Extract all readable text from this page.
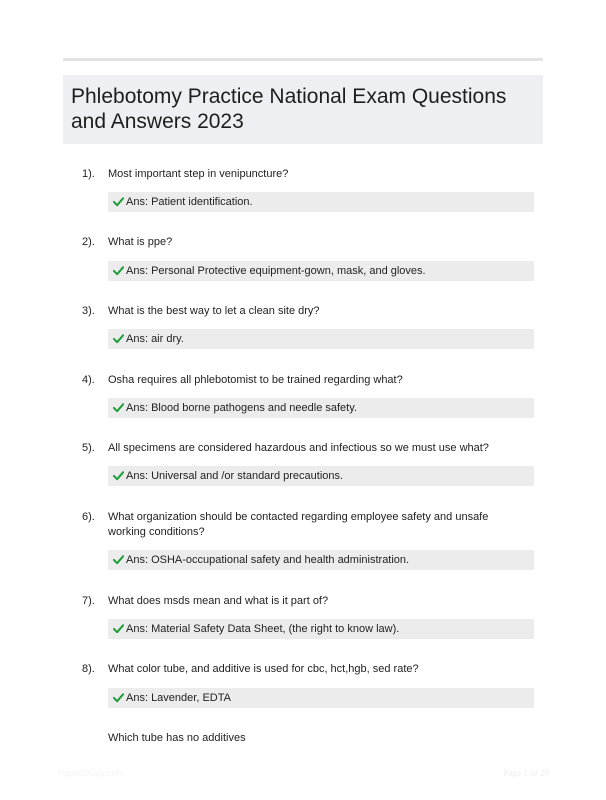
Phlebotomy Practice National Exam Questions and Answers 2023
1). Most important step in venipuncture?
Ans: Patient identification.
2). What is ppe?
Ans: Personal Protective equipment-gown, mask, and gloves.
3). What is the best way to let a clean site dry?
Ans: air dry.
4). Osha requires all phlebotomist to be trained regarding what?
Ans: Blood borne pathogens and needle safety.
5). All specimens are considered hazardous and infectious so we must use what?
Ans: Universal and /or standard precautions.
6). What organization should be contacted regarding employee safety and unsafe working conditions?
Ans: OSHA-occupational safety and health administration.
7). What does msds mean and what is it part of?
Ans: Material Safety Data Sheet, (the right to know law).
8). What color tube, and additive is used for cbc, hct,hgb, sed rate?
Ans: Lavender, EDTA
Which tube has no additives
PaperStudy.com	Page 1 of 29
